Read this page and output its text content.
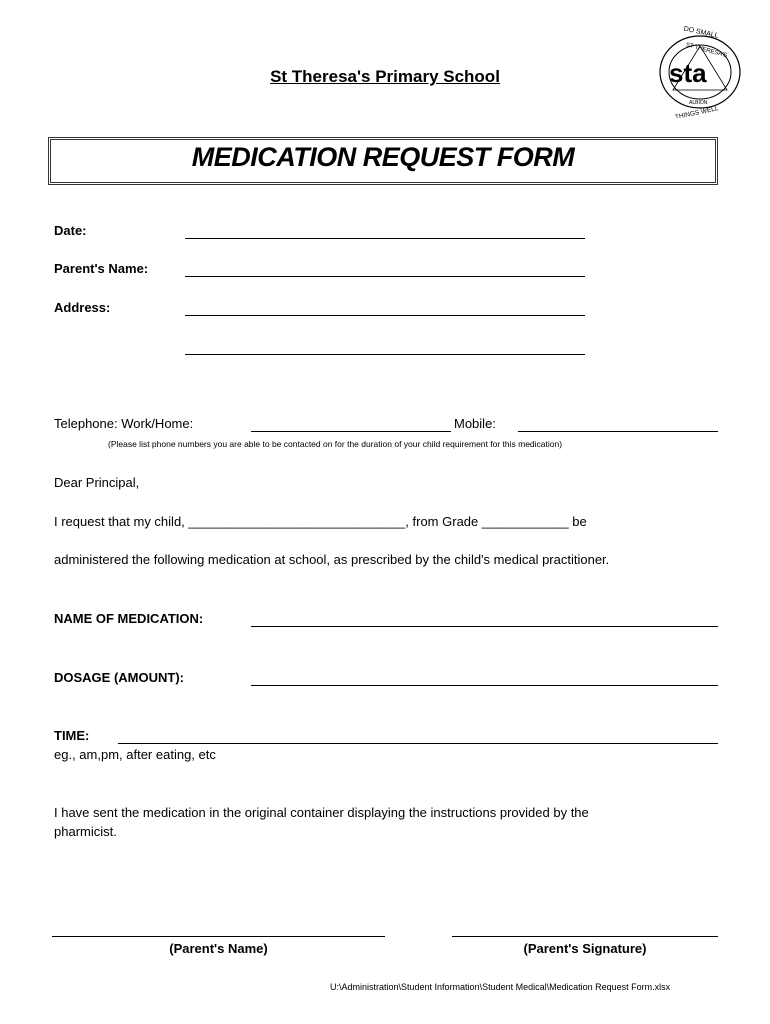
St Theresa's Primary School
DO SMALL
ST THERESA'S
sta
ALBION
THINGS WELL
MEDICATION REQUEST FORM
Date:
Parent's Name:
Address:
Telephone: Work/Home:	Mobile:
(Please list phone numbers you are able to be contacted on for the duration of your child requirement for this medication)
Dear Principal,
I request that my child, ______________________________, from Grade ____________ be
administered the following medication at school, as prescribed by the child's medical practitioner.
NAME OF MEDICATION:
DOSAGE (AMOUNT):
TIME:
eg., am,pm, after eating, etc
I have sent the medication in the original container displaying the instructions provided by the
pharmicist.
(Parent's Name)	(Parent's Signature)
U:\Administration\Student Information\Student Medical\Medication Request Form.xlsx
